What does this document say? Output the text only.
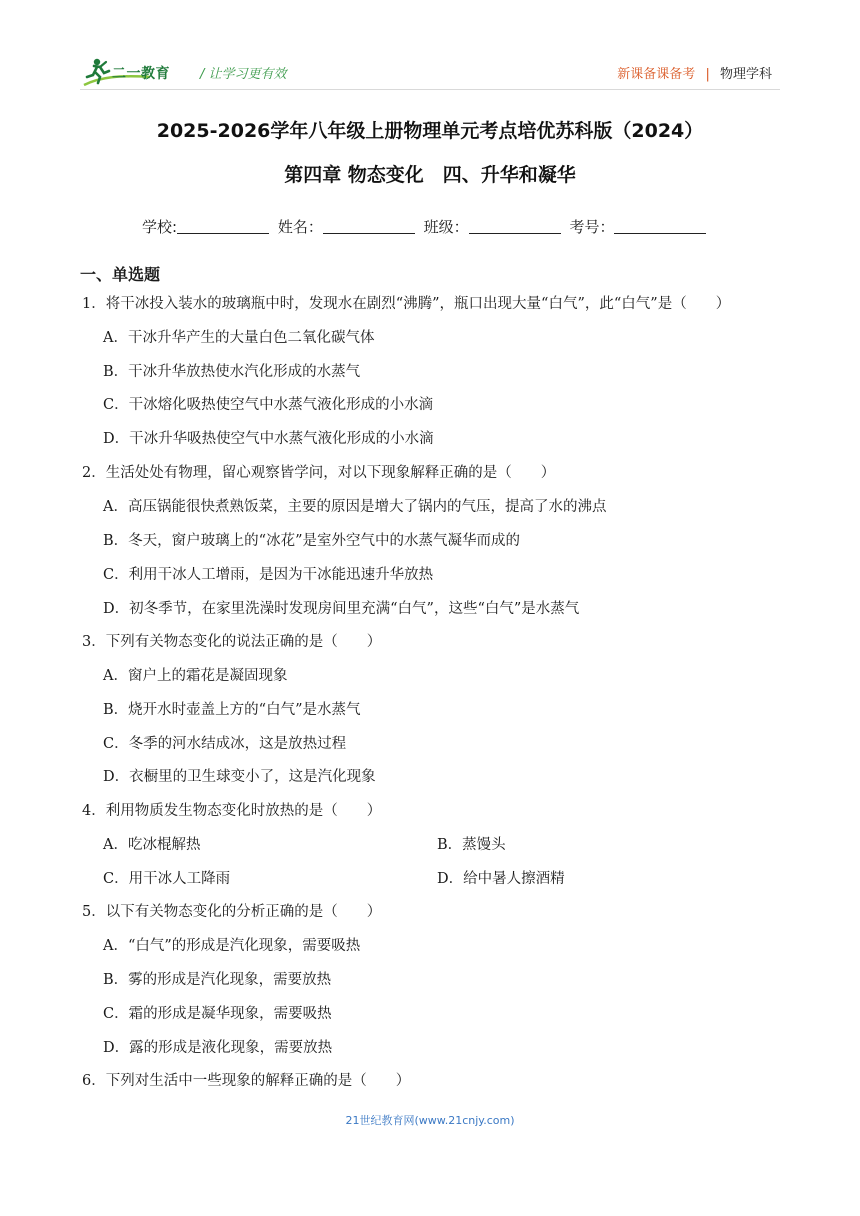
二一教育 / 让学习更有效	新课备课备考 | 物理学科
2025-2026学年八年级上册物理单元考点培优苏科版（2024）
第四章 物态变化　四、升华和凝华
学校:	姓名：	班级：	考号：
一、单选题
1．将干冰投入装水的玻璃瓶中时，发现水在剧烈“沸腾”，瓶口出现大量“白气”，此“白气”是（　　）
A．干冰升华产生的大量白色二氧化碳气体
B．干冰升华放热使水汽化形成的水蒸气
C．干冰熔化吸热使空气中水蒸气液化形成的小水滴
D．干冰升华吸热使空气中水蒸气液化形成的小水滴
2．生活处处有物理，留心观察皆学问，对以下现象解释正确的是（　　）
A．高压锅能很快煮熟饭菜，主要的原因是增大了锅内的气压，提高了水的沸点
B．冬天，窗户玻璃上的“冰花”是室外空气中的水蒸气凝华而成的
C．利用干冰人工增雨，是因为干冰能迅速升华放热
D．初冬季节，在家里洗澡时发现房间里充满“白气”，这些“白气”是水蒸气
3．下列有关物态变化的说法正确的是（　　）
A．窗户上的霜花是凝固现象
B．烧开水时壶盖上方的“白气”是水蒸气
C．冬季的河水结成冰，这是放热过程
D．衣橱里的卫生球变小了，这是汽化现象
4．利用物质发生物态变化时放热的是（　　）
A．吃冰棍解热	B．蒸馒头
C．用干冰人工降雨	D．给中暑人擦酒精
5．以下有关物态变化的分析正确的是（　　）
A．“白气”的形成是汽化现象，需要吸热
B．雾的形成是汽化现象，需要放热
C．霜的形成是凝华现象，需要吸热
D．露的形成是液化现象，需要放热
6．下列对生活中一些现象的解释正确的是（　　）
21世纪教育网(www.21cnjy.com)
